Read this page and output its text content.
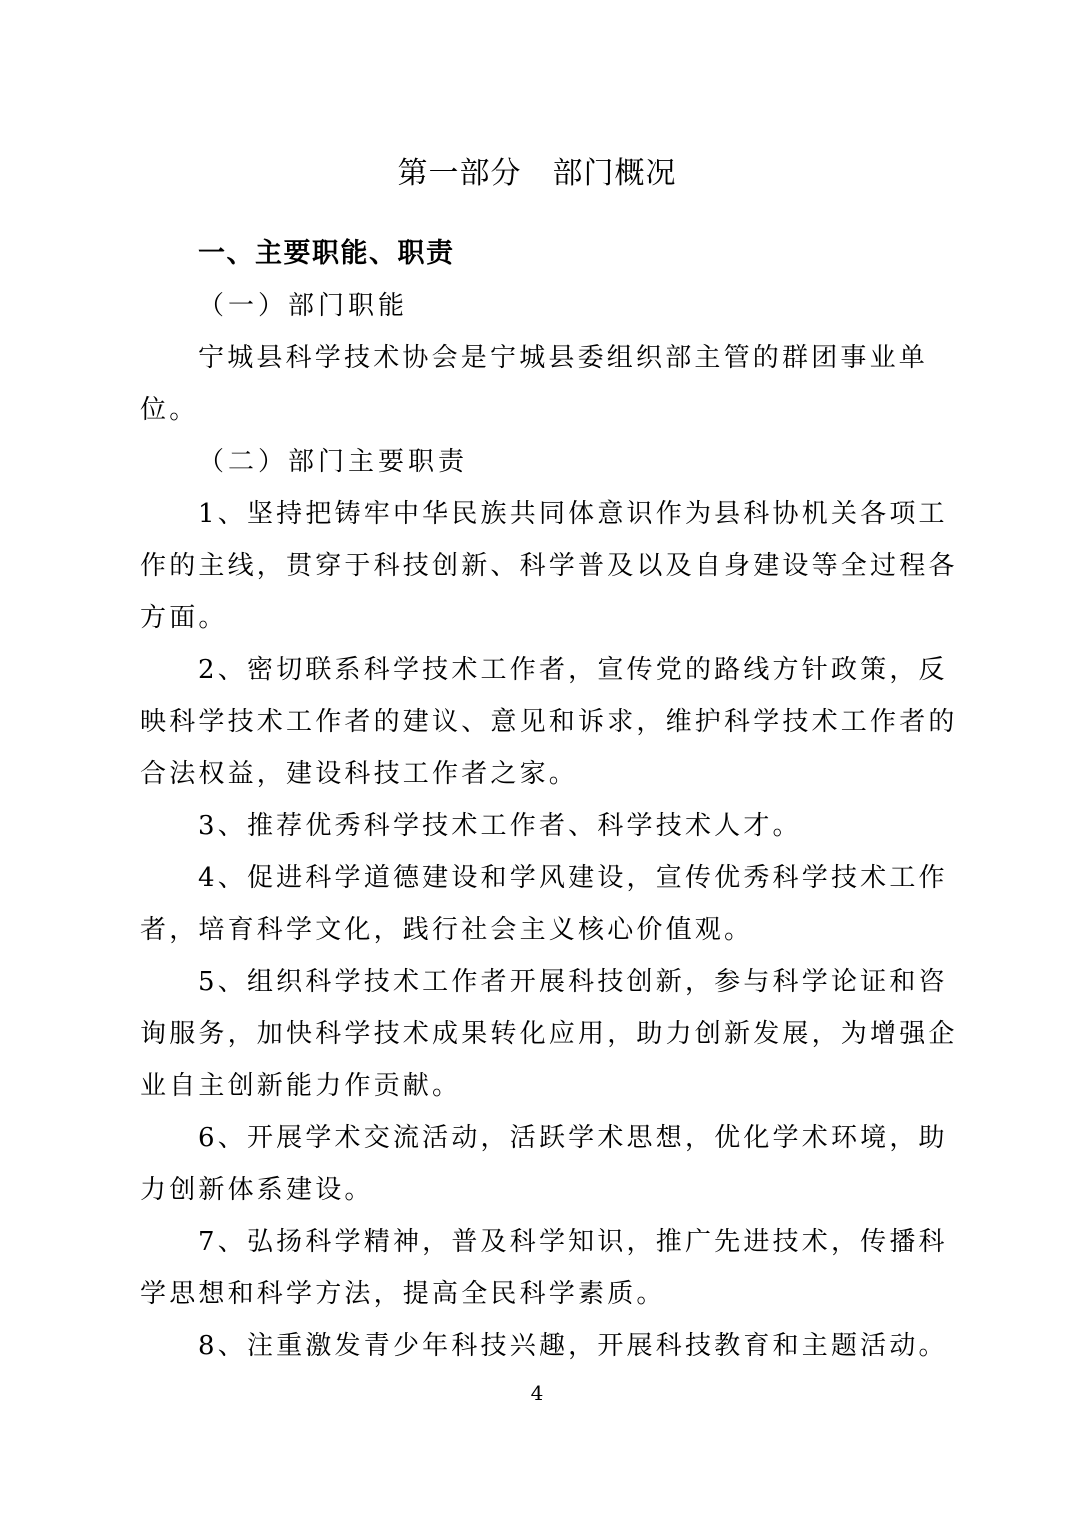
第一部分　部门概况
一、主要职能、职责
（一）部门职能
宁城县科学技术协会是宁城县委组织部主管的群团事业单
位。
（二）部门主要职责
1、坚持把铸牢中华民族共同体意识作为县科协机关各项工
作的主线，贯穿于科技创新、科学普及以及自身建设等全过程各
方面。
2、密切联系科学技术工作者，宣传党的路线方针政策，反
映科学技术工作者的建议、意见和诉求，维护科学技术工作者的
合法权益，建设科技工作者之家。
3、推荐优秀科学技术工作者、科学技术人才。
4、促进科学道德建设和学风建设，宣传优秀科学技术工作
者，培育科学文化，践行社会主义核心价值观。
5、组织科学技术工作者开展科技创新，参与科学论证和咨
询服务，加快科学技术成果转化应用，助力创新发展，为增强企
业自主创新能力作贡献。
6、开展学术交流活动，活跃学术思想，优化学术环境，助
力创新体系建设。
7、弘扬科学精神，普及科学知识，推广先进技术，传播科
学思想和科学方法，提高全民科学素质。
8、注重激发青少年科技兴趣，开展科技教育和主题活动。
4
